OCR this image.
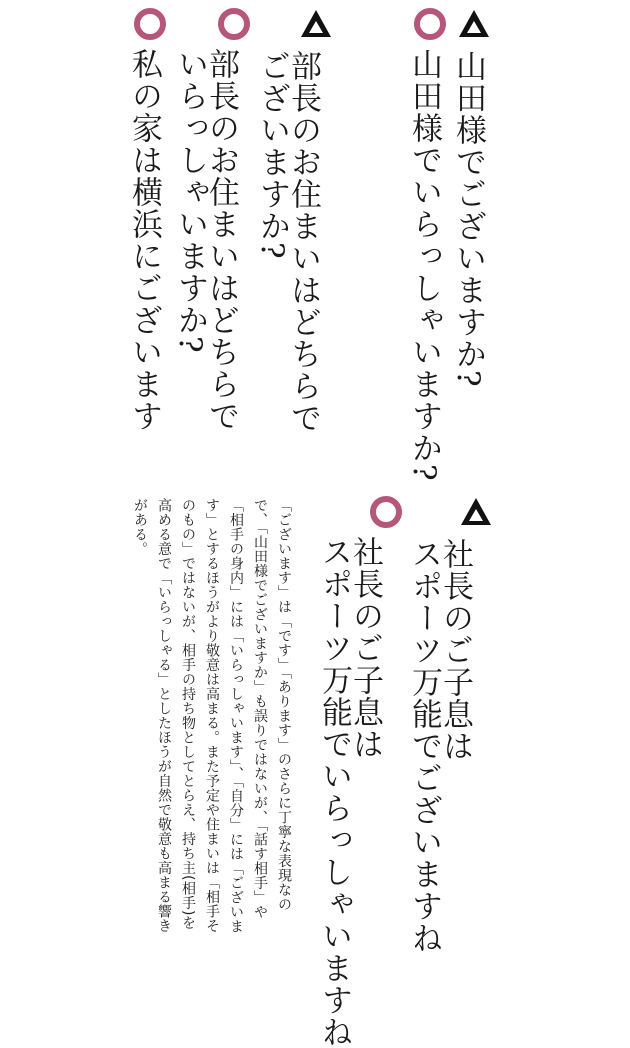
山田様でございますか?
山田様でいらっしゃいますか?
部長のお住まいはどちらで
ございますか?
部長のお住まいはどちらで
いらっしゃいますか?
私の家は横浜にございます
社長のご子息は
スポーツ万能でございますね
社長のご子息は
スポーツ万能でいらっしゃいますね
「ございます」は「です」「あります」のさらに丁寧な表現なので、「山田様でございますか」も誤りではないが、「話す相手」や「相手の身内」には「いらっしゃいます」、「自分」には「ございます」とするほうがより敬意は高まる。また予定や住まいは「相手そのもの」ではないが、相手の持ち物としてとらえ、持ち主(相手)を高める意で「いらっしゃる」としたほうが自然で敬意も高まる響きがある。
